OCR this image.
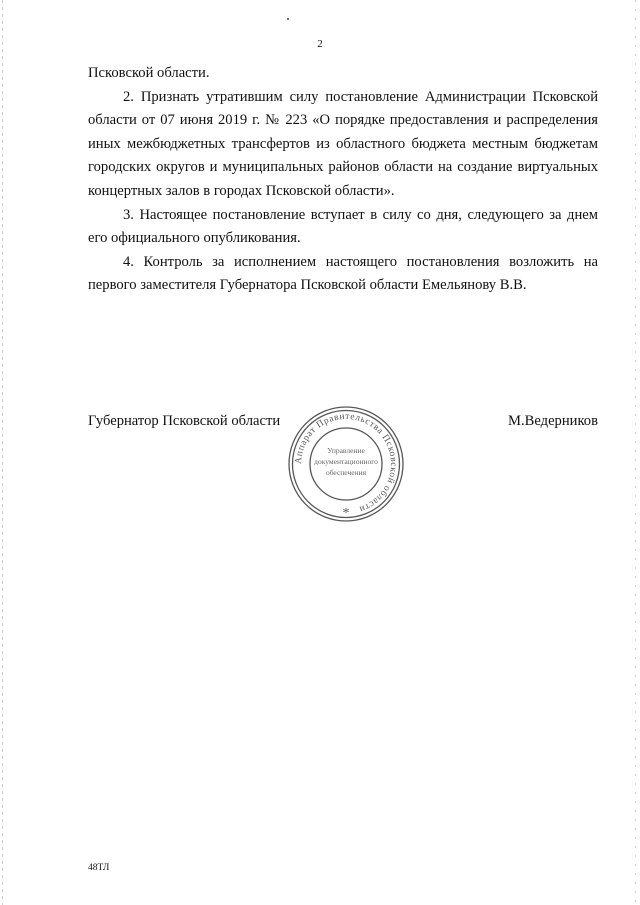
2

Псковской области.

2. Признать утратившим силу постановление Администрации Псковской области от 07 июня 2019 г. № 223 «О порядке предоставления и распределения иных межбюджетных трансфертов из областного бюджета местным бюджетам городских округов и муниципальных районов области на создание виртуальных концертных залов в городах Псковской области».

3. Настоящее постановление вступает в силу со дня, следующего за днем его официального опубликования.

4. Контроль за исполнением настоящего постановления возложить на первого заместителя Губернатора Псковской области Емельянову В.В.

Губернатор Псковской области	М.Ведерников
Аппарат Правительства Псковской области
Управление
документационного
обеспечения
*
48ТЛ
